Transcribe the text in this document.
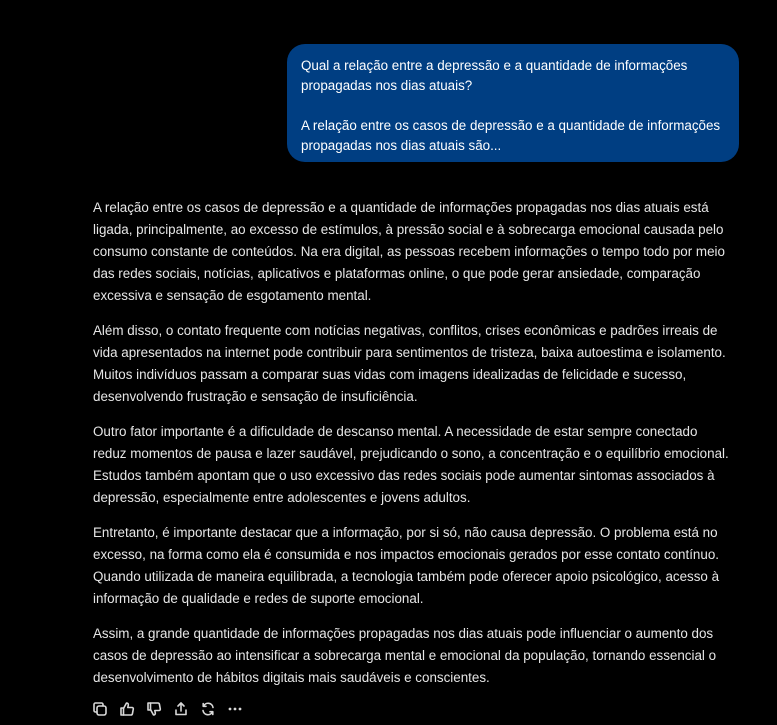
Qual a relação entre a depressão e a quantidade de informações propagadas nos dias atuais?

A relação entre os casos de depressão e a quantidade de informações propagadas nos dias atuais são...

A relação entre os casos de depressão e a quantidade de informações propagadas nos dias atuais está ligada, principalmente, ao excesso de estímulos, à pressão social e à sobrecarga emocional causada pelo consumo constante de conteúdos. Na era digital, as pessoas recebem informações o tempo todo por meio das redes sociais, notícias, aplicativos e plataformas online, o que pode gerar ansiedade, comparação excessiva e sensação de esgotamento mental.

Além disso, o contato frequente com notícias negativas, conflitos, crises econômicas e padrões irreais de vida apresentados na internet pode contribuir para sentimentos de tristeza, baixa autoestima e isolamento. Muitos indivíduos passam a comparar suas vidas com imagens idealizadas de felicidade e sucesso, desenvolvendo frustração e sensação de insuficiência.

Outro fator importante é a dificuldade de descanso mental. A necessidade de estar sempre conectado reduz momentos de pausa e lazer saudável, prejudicando o sono, a concentração e o equilíbrio emocional. Estudos também apontam que o uso excessivo das redes sociais pode aumentar sintomas associados à depressão, especialmente entre adolescentes e jovens adultos.

Entretanto, é importante destacar que a informação, por si só, não causa depressão. O problema está no excesso, na forma como ela é consumida e nos impactos emocionais gerados por esse contato contínuo. Quando utilizada de maneira equilibrada, a tecnologia também pode oferecer apoio psicológico, acesso à informação de qualidade e redes de suporte emocional.

Assim, a grande quantidade de informações propagadas nos dias atuais pode influenciar o aumento dos casos de depressão ao intensificar a sobrecarga mental e emocional da população, tornando essencial o desenvolvimento de hábitos digitais mais saudáveis e conscientes.
